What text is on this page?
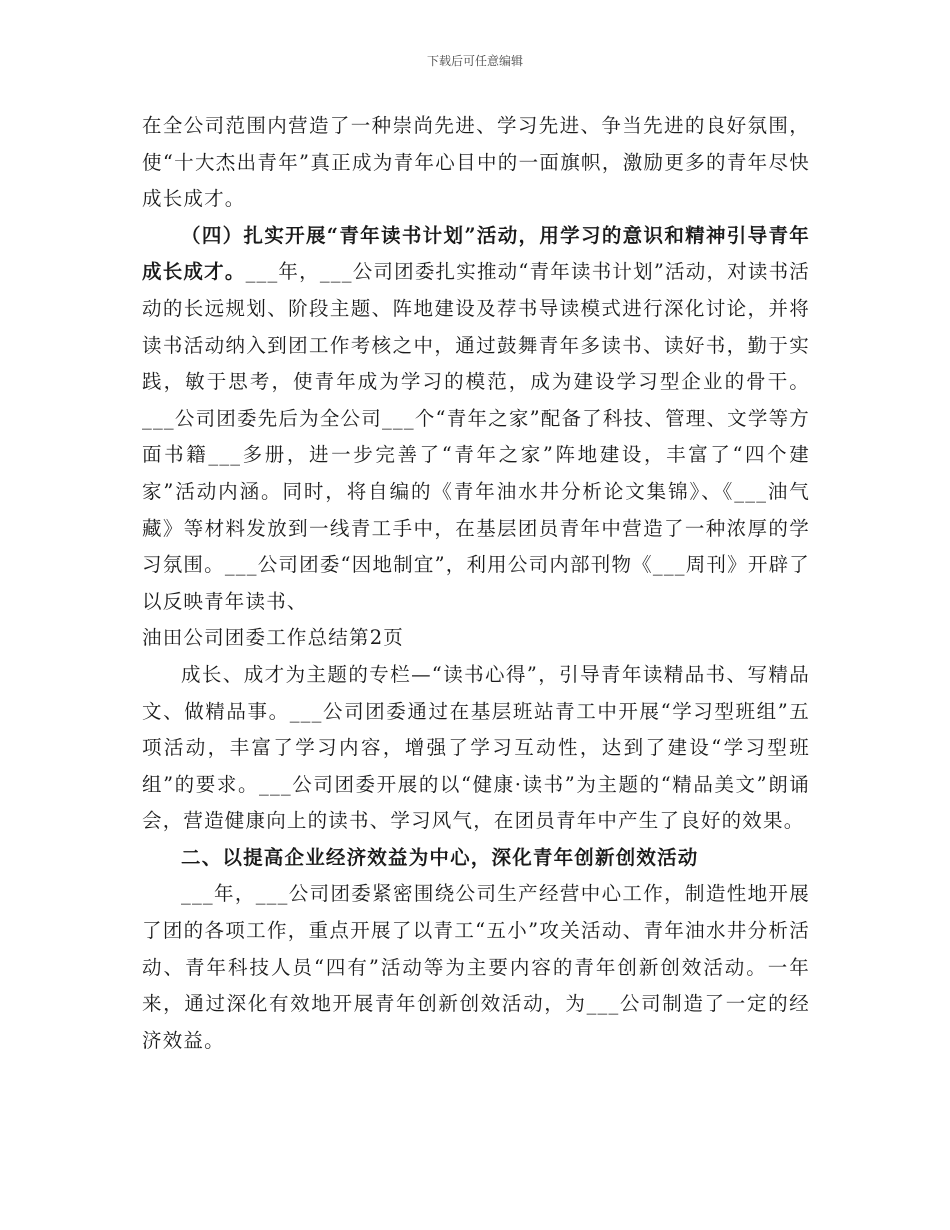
下载后可任意编辑

在全公司范围内营造了一种崇尚先进、学习先进、争当先进的良好氛围，使“十大杰出青年”真正成为青年心目中的一面旗帜，激励更多的青年尽快成长成才。

（四）扎实开展“青年读书计划”活动，用学习的意识和精神引导青年成长成才。___年，___公司团委扎实推动“青年读书计划”活动，对读书活动的长远规划、阶段主题、阵地建设及荐书导读模式进行深化讨论，并将读书活动纳入到团工作考核之中，通过鼓舞青年多读书、读好书，勤于实践，敏于思考，使青年成为学习的模范，成为建设学习型企业的骨干。___公司团委先后为全公司___个“青年之家”配备了科技、管理、文学等方面书籍___多册，进一步完善了“青年之家”阵地建设，丰富了“四个建家”活动内涵。同时，将自编的《青年油水井分析论文集锦》、《___油气藏》等材料发放到一线青工手中，在基层团员青年中营造了一种浓厚的学习氛围。___公司团委“因地制宜”，利用公司内部刊物《___周刊》开辟了以反映青年读书、

油田公司团委工作总结第2页

成长、成才为主题的专栏—“读书心得”，引导青年读精品书、写精品文、做精品事。___公司团委通过在基层班站青工中开展“学习型班组”五项活动，丰富了学习内容，增强了学习互动性，达到了建设“学习型班组”的要求。___公司团委开展的以“健康·读书”为主题的“精品美文”朗诵会，营造健康向上的读书、学习风气，在团员青年中产生了良好的效果。

二、以提高企业经济效益为中心，深化青年创新创效活动

___年，___公司团委紧密围绕公司生产经营中心工作，制造性地开展了团的各项工作，重点开展了以青工“五小”攻关活动、青年油水井分析活动、青年科技人员“四有”活动等为主要内容的青年创新创效活动。一年来，通过深化有效地开展青年创新创效活动，为___公司制造了一定的经济效益。
